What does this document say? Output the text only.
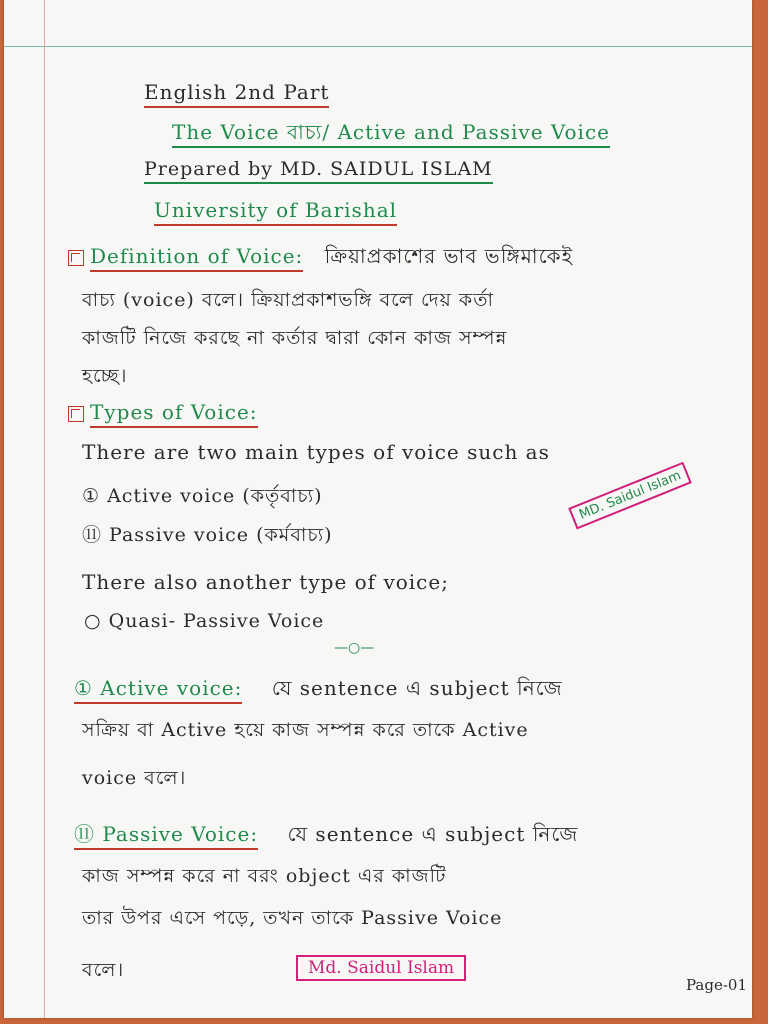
English 2nd Part
The Voice বাচ্য/ Active and Passive Voice
Prepared by MD. SAIDUL ISLAM
University of Barishal
Definition of Voice: ক্রিয়াপ্রকাশের ভাব ভঙ্গিমাকেই
বাচ্য (voice) বলে। ক্রিয়াপ্রকাশভঙ্গি বলে দেয় কর্তা
কাজটি নিজে করছে না কর্তার দ্বারা কোন কাজ সম্পন্ন
হচ্ছে।
Types of Voice:
There are two main types of voice such as
① Active voice (কর্তৃবাচ্য)
⑪ Passive voice (কর্মবাচ্য)
MD. Saidul Islam
There also another type of voice;
○ Quasi- Passive Voice
—○—
① Active voice: যে sentence এ subject নিজে
সক্রিয় বা Active হয়ে কাজ সম্পন্ন করে তাকে Active
voice বলে।
⑪ Passive Voice: যে sentence এ subject নিজে
কাজ সম্পন্ন করে না বরং object এর কাজটি
তার উপর এসে পড়ে, তখন তাকে Passive Voice
বলে।	Md. Saidul Islam
Page-01
